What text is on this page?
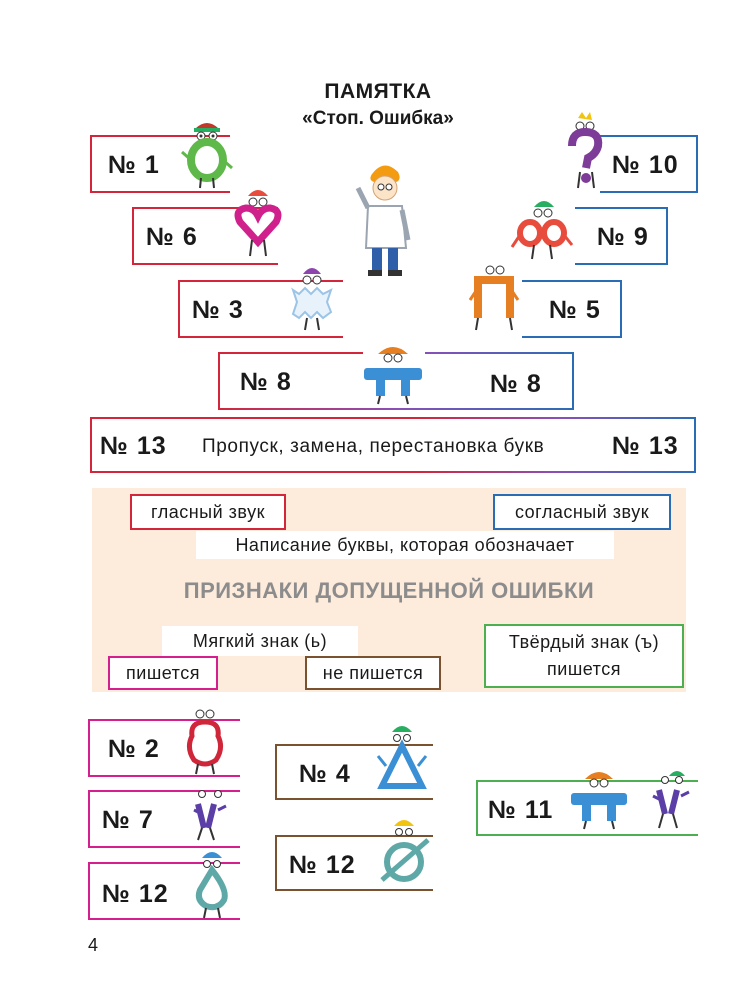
ПАМЯТКА
«Стоп. Ошибка»
№ 1
№ 6
№ 3
№ 10
№ 9
№ 5
№ 8	№ 8
№ 13 Пропуск, замена, перестановка букв	№ 13
гласный звук	согласный звук
Написание буквы, которая обозначает
ПРИЗНАКИ ДОПУЩЕННОЙ ОШИБКИ
Мягкий знак (ь)
пишется	не пишется
Твёрдый знак (ъ)
пишется
№ 2
№ 7
№ 12
№ 4
№ 12
№ 11
4
